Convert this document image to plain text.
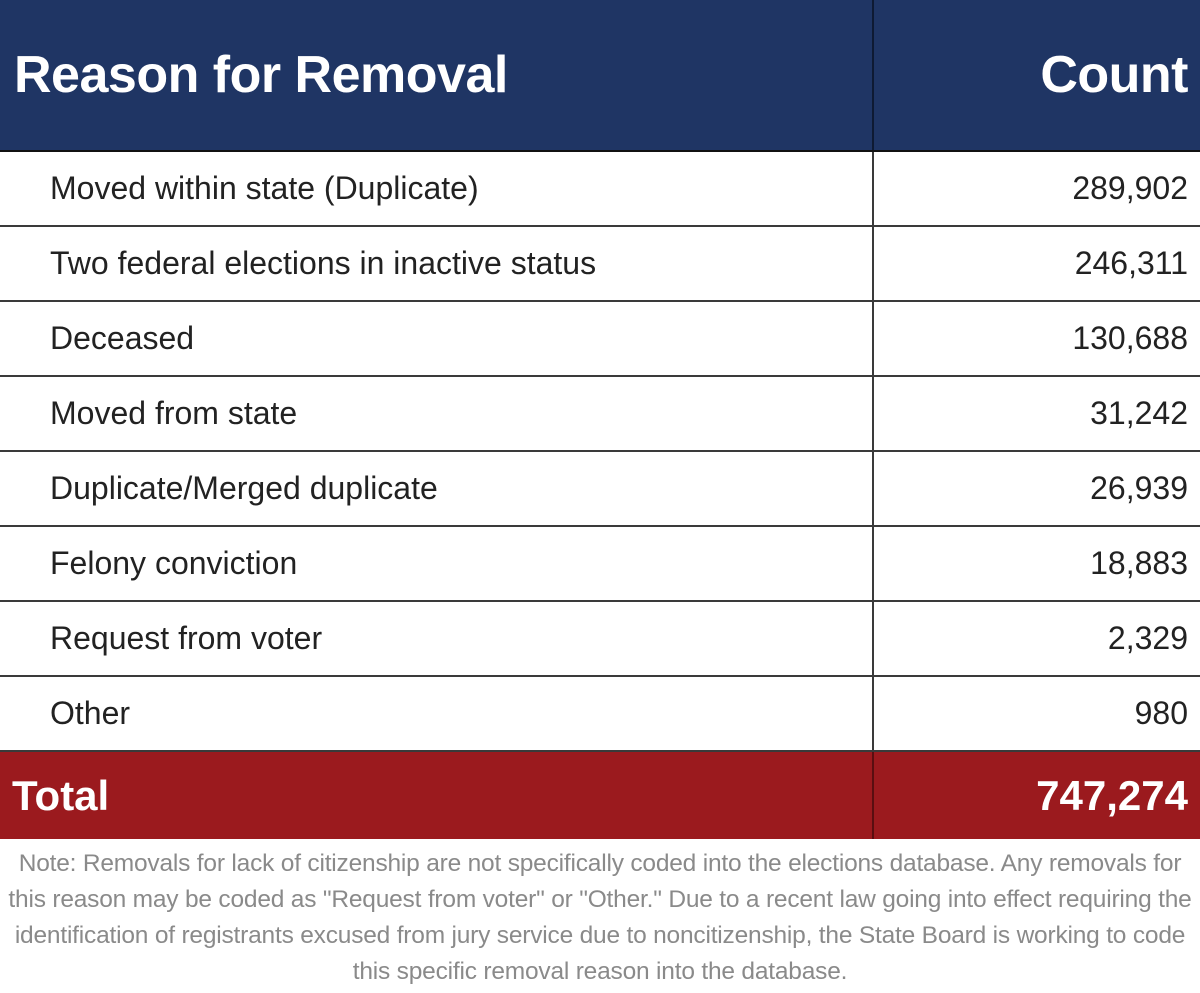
Reason for Removal	Count
Moved within state (Duplicate)	289,902
Two federal elections in inactive status	246,311
Deceased	130,688
Moved from state	31,242
Duplicate/Merged duplicate	26,939
Felony conviction	18,883
Request from voter	2,329
Other	980
Total	747,274
Note: Removals for lack of citizenship are not specifically coded into the elections database. Any removals for this reason may be coded as "Request from voter" or "Other." Due to a recent law going into effect requiring the identification of registrants excused from jury service due to noncitizenship, the State Board is working to code this specific removal reason into the database.
